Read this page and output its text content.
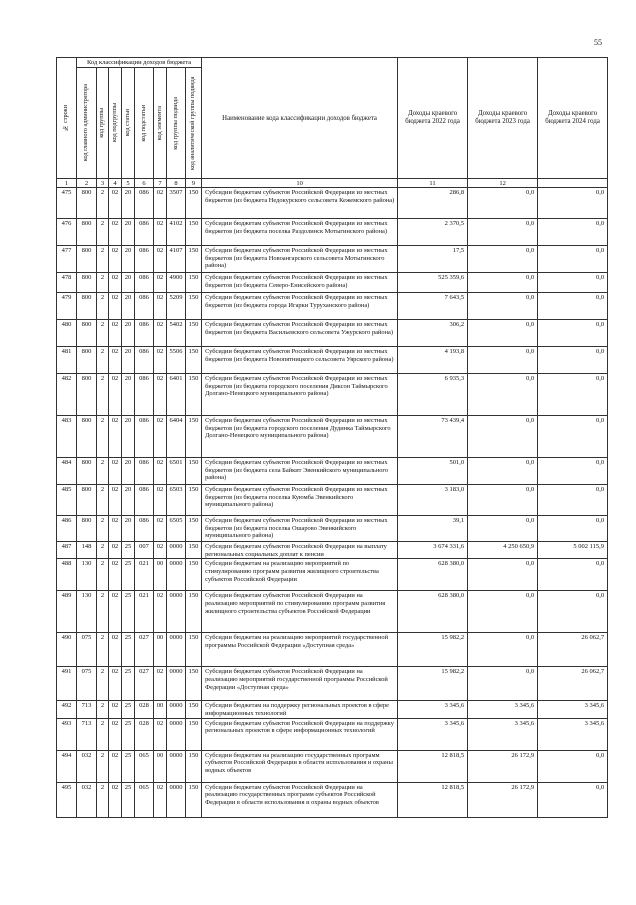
55
№ строки	Код классификации доходов бюджета								Наименование кода классификации доходов бюджета	Доходы краевого бюджета 2022 года	Доходы краевого бюджета 2023 года	Доходы краевого бюджета 2024 года

	код главного администратора	код группы	код подгруппы	код статьи	код подстатьи	код элемента	код группы подвида	код аналитической группы подвида				

1	2	3	4	5	6	7	8	9	10	11	12	
475	800	2	02	20	086	02	3507	150	Субсидии бюджетам субъектов Российской Федерации из местных бюджетов (из бюджета Недокурского сельсовета Кежемского района)	286,8	0,0	0,0
476	800	2	02	20	086	02	4102	150	Субсидии бюджетам субъектов Российской Федерации из местных бюджетов (из бюджета поселка Раздолинск Мотыгинского района)	2 370,5	0,0	0,0
477	800	2	02	20	086	02	4107	150	Субсидии бюджетам субъектов Российской Федерации из местных бюджетов (из бюджета Новоангарского сельсовета Мотыгинского района)	17,5	0,0	0,0
478	800	2	02	20	086	02	4900	150	Субсидии бюджетам субъектов Российской Федерации из местных бюджетов (из бюджета Северо-Енисейского района)	525 359,6	0,0	0,0
479	800	2	02	20	086	02	5209	150	Субсидии бюджетам субъектов Российской Федерации из местных бюджетов (из бюджета города Игарки Туруханского района)	7 643,5	0,0	0,0
480	800	2	02	20	086	02	5402	150	Субсидии бюджетам субъектов Российской Федерации из местных бюджетов (из бюджета Васильевского сельсовета Ужурского района)	306,2	0,0	0,0
481	800	2	02	20	086	02	5506	150	Субсидии бюджетам субъектов Российской Федерации из местных бюджетов (из бюджета Новопятницкого сельсовета Уярского района)	4 193,8	0,0	0,0
482	800	2	02	20	086	02	6401	150	Субсидии бюджетам субъектов Российской Федерации из местных бюджетов (из бюджета городского поселения Диксон Таймырского Долгано-Ненецкого муниципального района)	6 935,3	0,0	0,0
483	800	2	02	20	086	02	6404	150	Субсидии бюджетам субъектов Российской Федерации из местных бюджетов (из бюджета городского поселения Дудинка Таймырского Долгано-Ненецкого муниципального района)	73 439,4	0,0	0,0
484	800	2	02	20	086	02	6501	150	Субсидии бюджетам субъектов Российской Федерации из местных бюджетов (из бюджета села Байкит Эвенкийского муниципального района)	501,0	0,0	0,0
485	800	2	02	20	086	02	6503	150	Субсидии бюджетам субъектов Российской Федерации из местных бюджетов (из бюджета поселка Куюмба Эвенкийского муниципального района)	3 183,0	0,0	0,0
486	800	2	02	20	086	02	6505	150	Субсидии бюджетам субъектов Российской Федерации из местных бюджетов (из бюджета поселка Ошарово Эвенкийского муниципального района)	39,1	0,0	0,0
487	148	2	02	25	007	02	0000	150	Субсидии бюджетам субъектов Российской Федерации на выплату региональных социальных доплат к пенсии	3 674 331,6	4 250 650,9	5 002 115,9
488	130	2	02	25	021	00	0000	150	Субсидии бюджетам на реализацию мероприятий по стимулированию программ развития жилищного строительства субъектов Российской Федерации	628 380,0	0,0	0,0
489	130	2	02	25	021	02	0000	150	Субсидии бюджетам субъектов Российской Федерации на реализацию мероприятий по стимулированию программ развития жилищного строительства субъектов Российской Федерации	628 380,0	0,0	0,0
490	075	2	02	25	027	00	0000	150	Субсидии бюджетам на реализацию мероприятий государственной программы Российской Федерации «Доступная среда»	15 982,2	0,0	26 062,7
491	075	2	02	25	027	02	0000	150	Субсидии бюджетам субъектов Российской Федерации на реализацию мероприятий государственной программы Российской Федерации «Доступная среда»	15 982,2	0,0	26 062,7
492	713	2	02	25	028	00	0000	150	Субсидии бюджетам на поддержку региональных проектов в сфере информационных технологий	3 345,6	3 345,6	3 345,6
493	713	2	02	25	028	02	0000	150	Субсидии бюджетам субъектов Российской Федерации на поддержку региональных проектов в сфере информационных технологий	3 345,6	3 345,6	3 345,6
494	032	2	02	25	065	00	0000	150	Субсидии бюджетам на реализацию государственных программ субъектов Российской Федерации в области использования и охраны водных объектов	12 818,5	26 172,9	0,0
495	032	2	02	25	065	02	0000	150	Субсидии бюджетам субъектов Российской Федерации на реализацию государственных программ субъектов Российской Федерации в области использования и охраны водных объектов	12 818,5	26 172,9	0,0
